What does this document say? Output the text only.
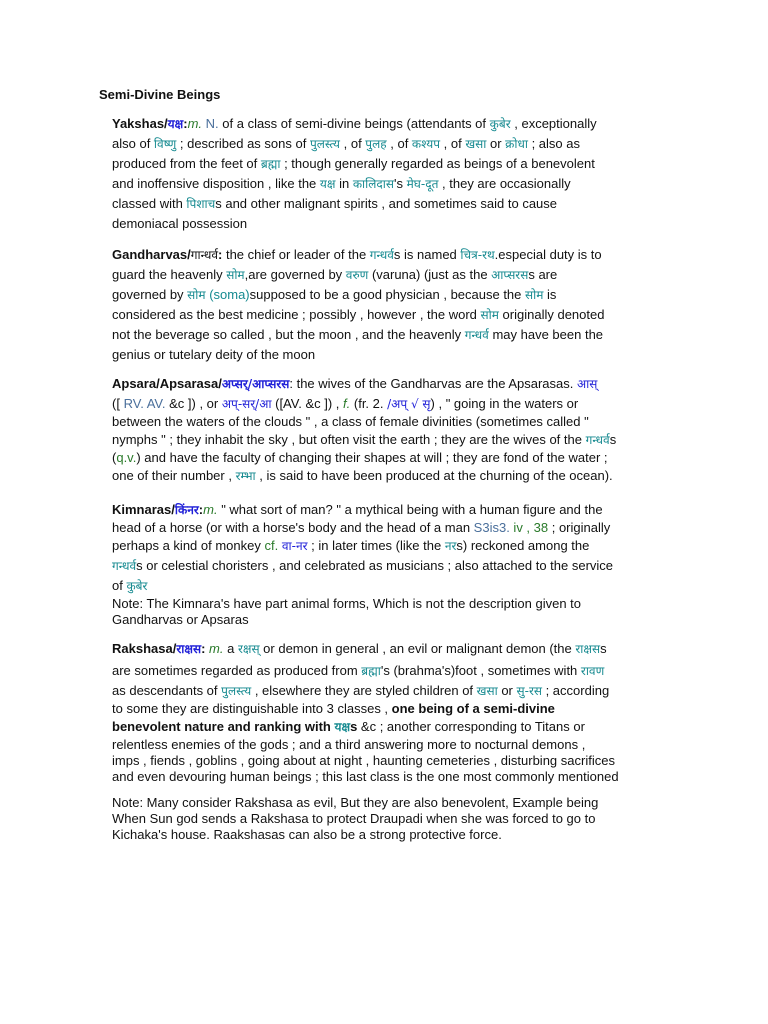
Semi-Divine Beings
Yakshas/यक्ष:m. N. of a class of semi-divine beings (attendants of कुबेर , exceptionally
also of विष्णु ; described as sons of पुलस्त्य , of पुलह , of कश्यप , of खसा or क्रोधा ; also as
produced from the feet of ब्रह्मा ; though generally regarded as beings of a benevolent
and inoffensive disposition , like the यक्ष in कालिदास's मेघ-दूत , they are occasionally
classed with पिशाचs and other malignant spirits , and sometimes said to cause
demoniacal possession
Gandharvas/गान्धर्व: the chief or leader of the गन्धर्वs is named चित्र-रथ.especial duty is to
guard the heavenly सोम,are governed by वरुण (varuna) (just as the आप्सरसs are
governed by सोम (soma)supposed to be a good physician , because the सोम is
considered as the best medicine ; possibly , however , the word सोम originally denoted
not the beverage so called , but the moon , and the heavenly गन्धर्व may have been the
genius or tutelary deity of the moon
Apsara/Apsarasa/अप्सर्/आप्सरस: the wives of the Gandharvas are the Apsarasas. आस्
([ RV. AV. &c ]) , or अप्-सर्/आ ([AV. &c ]) , f. (fr. 2. /अप् √ सृ) , " going in the waters or
between the waters of the clouds " , a class of female divinities (sometimes called "
nymphs " ; they inhabit the sky , but often visit the earth ; they are the wives of the गन्धर्वs
(q.v.) and have the faculty of changing their shapes at will ; they are fond of the water ;
one of their number , रम्भा , is said to have been produced at the churning of the ocean).
Kimnaras/किंनर:m. " what sort of man? " a mythical being with a human figure and the
head of a horse (or with a horse's body and the head of a man S3is3. iv , 38 ; originally
perhaps a kind of monkey cf. वा-नर ; in later times (like the नरs) reckoned among the
गन्धर्वs or celestial choristers , and celebrated as musicians ; also attached to the service
of कुबेर
Note: The Kimnara's have part animal forms, Which is not the description given to
Gandharvas or Apsaras
Rakshasa/राक्षस: m. a रक्षस् or demon in general , an evil or malignant demon (the राक्षसs
are sometimes regarded as produced from ब्रह्मा's (brahma's)foot , sometimes with रावण
as descendants of पुलस्त्य , elsewhere they are styled children of खसा or सु-रस ; according
to some they are distinguishable into 3 classes , one being of a semi-divine
benevolent nature and ranking with यक्षs &c ; another corresponding to Titans or
relentless enemies of the gods ; and a third answering more to nocturnal demons ,
imps , fiends , goblins , going about at night , haunting cemeteries , disturbing sacrifices
and even devouring human beings ; this last class is the one most commonly mentioned
Note: Many consider Rakshasa as evil, But they are also benevolent, Example being
When Sun god sends a Rakshasa to protect Draupadi when she was forced to go to
Kichaka's house. Raakshasas can also be a strong protective force.
